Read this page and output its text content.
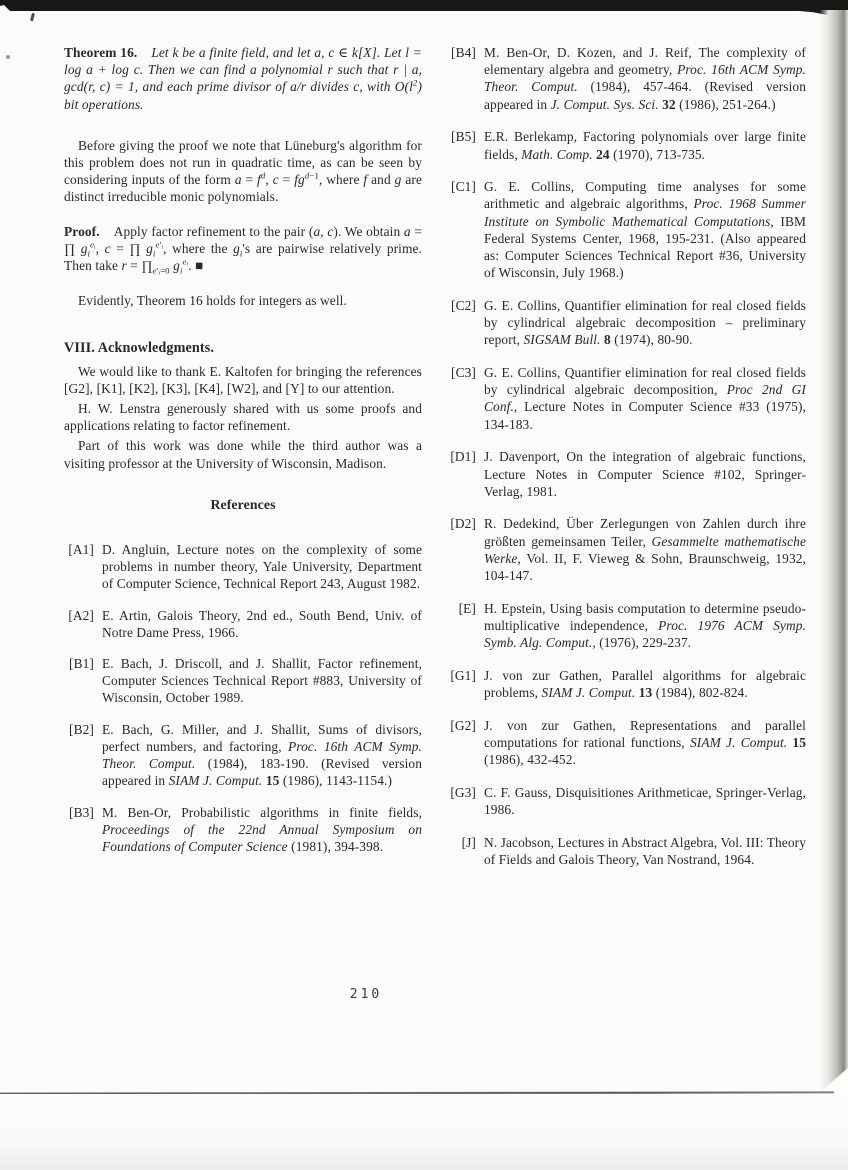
Theorem 16. Let k be a finite field, and let a, c ∈ k[X]. Let l = log a + log c. Then we can find a polynomial r such that r | a, gcd(r, c) = 1, and each prime divisor of a/r divides c, with $O(l^2)$ bit operations.

Before giving the proof we note that Lüneburg's algorithm for this problem does not run in quadratic time, as can be seen by considering inputs of the form $a = f^d$, $c = fg^{d-1}$, where f and g are distinct irreducible monic polynomials.

Proof. Apply factor refinement to the pair (a, c). We obtain a = ∏ $g_i^{eᵢ}$, c = ∏ $g_i^{e'ᵢ}$, where the $g_i's$ are pairwise relatively prime. Then take $r = \prod_{e'ᵢ=0}$ $g_i^{eᵢ}$. ■

Evidently, Theorem 16 holds for integers as well.

VIII. Acknowledgments.

We would like to thank E. Kaltofen for bringing the references [G2], [K1], [K2], [K3], [K4], [W2], and [Y] to our attention.

H. W. Lenstra generously shared with us some proofs and applications relating to factor refinement.

Part of this work was done while the third author was a visiting professor at the University of Wisconsin, Madison.

References
[A1] D. Angluin, Lecture notes on the complexity of some problems in number theory, Yale University, Department of Computer Science, Technical Report 243, August 1982.
[A2] E. Artin, Galois Theory, 2nd ed., South Bend, Univ. of Notre Dame Press, 1966.
[B1] E. Bach, J. Driscoll, and J. Shallit, Factor refinement, Computer Sciences Technical Report #883, University of Wisconsin, October 1989.
[B2] E. Bach, G. Miller, and J. Shallit, Sums of divisors, perfect numbers, and factoring, Proc. 16th ACM Symp. Theor. Comput. (1984), 183-190. (Revised version appeared in SIAM J. Comput. 15 (1986), 1143-1154.)
[B3] M. Ben-Or, Probabilistic algorithms in finite fields, Proceedings of the 22nd Annual Symposium on Foundations of Computer Science (1981), 394-398.
[B4] M. Ben-Or, D. Kozen, and J. Reif, The complexity of elementary algebra and geometry, Proc. 16th ACM Symp. Theor. Comput. (1984), 457-464. (Revised version appeared in J. Comput. Sys. Sci. 32 (1986), 251-264.)
[B5] E.R. Berlekamp, Factoring polynomials over large finite fields, Math. Comp. 24 (1970), 713-735.
[C1] G. E. Collins, Computing time analyses for some arithmetic and algebraic algorithms, Proc. 1968 Summer Institute on Symbolic Mathematical Computations, IBM Federal Systems Center, 1968, 195-231. (Also appeared as: Computer Sciences Technical Report #36, University of Wisconsin, July 1968.)
[C2] G. E. Collins, Quantifier elimination for real closed fields by cylindrical algebraic decomposition – preliminary report, SIGSAM Bull. 8 (1974), 80-90.
[C3] G. E. Collins, Quantifier elimination for real closed fields by cylindrical algebraic decomposition, Proc 2nd GI Conf., Lecture Notes in Computer Science #33 (1975), 134-183.
[D1] J. Davenport, On the integration of algebraic functions, Lecture Notes in Computer Science #102, Springer-Verlag, 1981.
[D2] R. Dedekind, Über Zerlegungen von Zahlen durch ihre größten gemeinsamen Teiler, Gesammelte mathematische Werke, Vol. II, F. Vieweg & Sohn, Braunschweig, 1932, 104-147.
[E] H. Epstein, Using basis computation to determine pseudo-multiplicative independence, Proc. 1976 ACM Symp. Symb. Alg. Comput., (1976), 229-237.
[G1] J. von zur Gathen, Parallel algorithms for algebraic problems, SIAM J. Comput. 13 (1984), 802-824.
[G2] J. von zur Gathen, Representations and parallel computations for rational functions, SIAM J. Comput. 15 (1986), 432-452.
[G3] C. F. Gauss, Disquisitiones Arithmeticae, Springer-Verlag, 1986.
[J] N. Jacobson, Lectures in Abstract Algebra, Vol. III: Theory of Fields and Galois Theory, Van Nostrand, 1964.
210
